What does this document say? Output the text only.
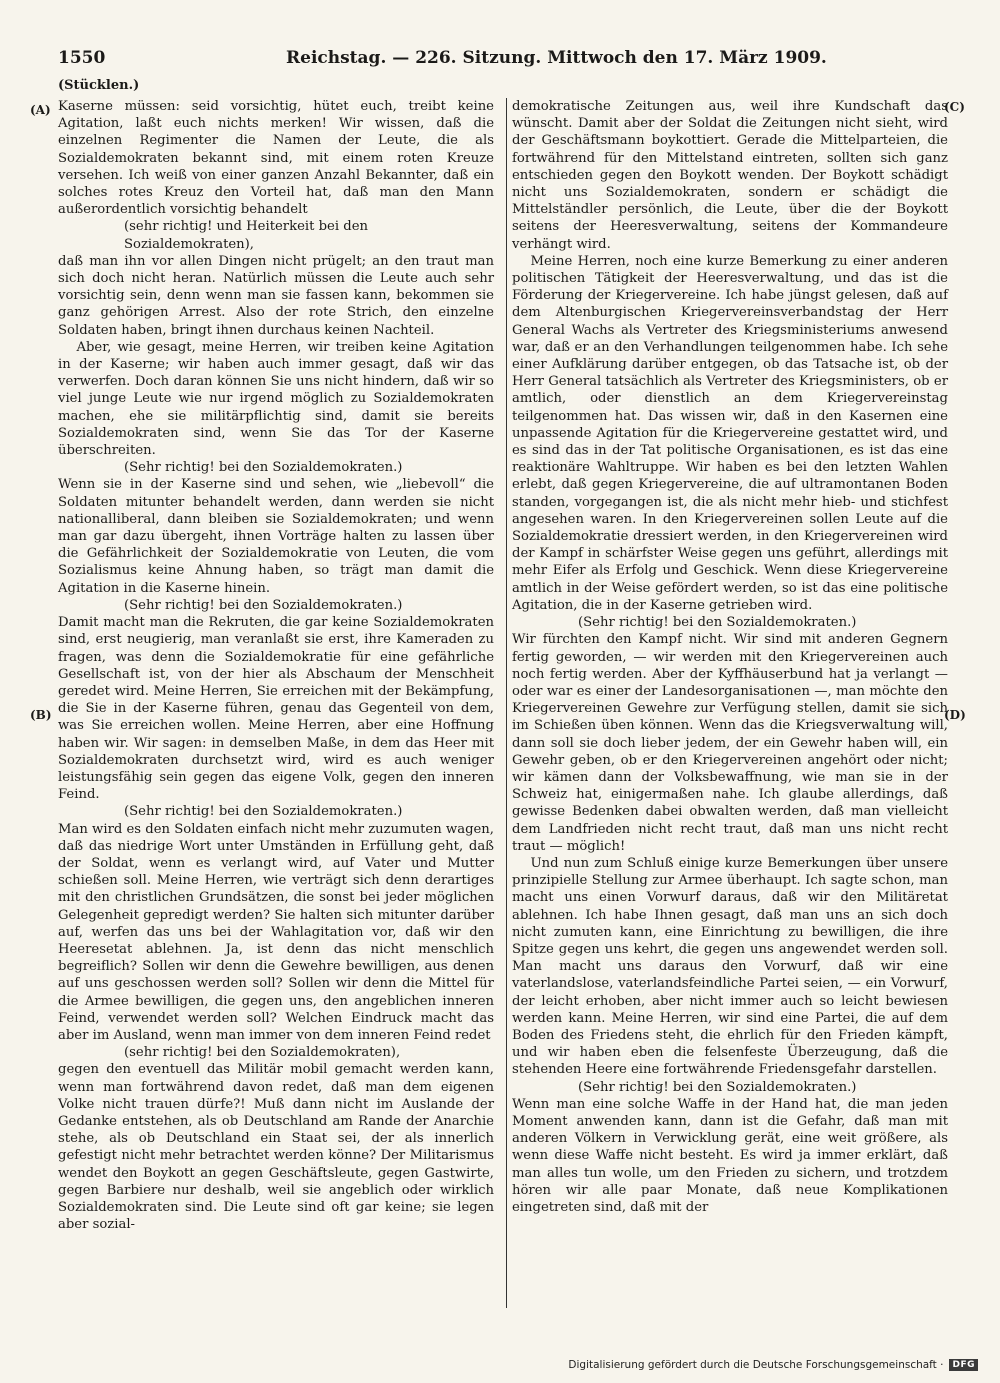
1550	Reichstag. — 226. Sitzung. Mittwoch den 17. März 1909.
(Stücklen.)
(A)
(B)
(C)
(D)

Kaserne müssen: seid vorsichtig, hütet euch, treibt keine Agitation, laßt euch nichts merken! Wir wissen, daß die einzelnen Regimenter die Namen der Leute, die als Sozialdemokraten bekannt sind, mit einem roten Kreuze versehen. Ich weiß von einer ganzen Anzahl Bekannter, daß ein solches rotes Kreuz den Vorteil hat, daß man den Mann außerordentlich vorsichtig behandelt

(sehr richtig! und Heiterkeit bei den Sozialdemokraten),

daß man ihn vor allen Dingen nicht prügelt; an den traut man sich doch nicht heran. Natürlich müssen die Leute auch sehr vorsichtig sein, denn wenn man sie fassen kann, bekommen sie ganz gehörigen Arrest. Also der rote Strich, den einzelne Soldaten haben, bringt ihnen durchaus keinen Nachteil.

Aber, wie gesagt, meine Herren, wir treiben keine Agitation in der Kaserne; wir haben auch immer gesagt, daß wir das verwerfen. Doch daran können Sie uns nicht hindern, daß wir so viel junge Leute wie nur irgend möglich zu Sozialdemokraten machen, ehe sie militärpflichtig sind, damit sie bereits Sozialdemokraten sind, wenn Sie das Tor der Kaserne überschreiten.

(Sehr richtig! bei den Sozialdemokraten.)

Wenn sie in der Kaserne sind und sehen, wie „liebevoll“ die Soldaten mitunter behandelt werden, dann werden sie nicht nationalliberal, dann bleiben sie Sozialdemokraten; und wenn man gar dazu übergeht, ihnen Vorträge halten zu lassen über die Gefährlichkeit der Sozialdemokratie von Leuten, die vom Sozialismus keine Ahnung haben, so trägt man damit die Agitation in die Kaserne hinein.

(Sehr richtig! bei den Sozialdemokraten.)

Damit macht man die Rekruten, die gar keine Sozialdemokraten sind, erst neugierig, man veranlaßt sie erst, ihre Kameraden zu fragen, was denn die Sozialdemokratie für eine gefährliche Gesellschaft ist, von der hier als Abschaum der Menschheit geredet wird. Meine Herren, Sie erreichen mit der Bekämpfung, die Sie in der Kaserne führen, genau das Gegenteil von dem, was Sie erreichen wollen. Meine Herren, aber eine Hoffnung haben wir. Wir sagen: in demselben Maße, in dem das Heer mit Sozialdemokraten durchsetzt wird, wird es auch weniger leistungsfähig sein gegen das eigene Volk, gegen den inneren Feind.

(Sehr richtig! bei den Sozialdemokraten.)

Man wird es den Soldaten einfach nicht mehr zuzumuten wagen, daß das niedrige Wort unter Umständen in Erfüllung geht, daß der Soldat, wenn es verlangt wird, auf Vater und Mutter schießen soll. Meine Herren, wie verträgt sich denn derartiges mit den christlichen Grundsätzen, die sonst bei jeder möglichen Gelegenheit gepredigt werden? Sie halten sich mitunter darüber auf, werfen das uns bei der Wahlagitation vor, daß wir den Heeresetat ablehnen. Ja, ist denn das nicht menschlich begreiflich? Sollen wir denn die Gewehre bewilligen, aus denen auf uns geschossen werden soll? Sollen wir denn die Mittel für die Armee bewilligen, die gegen uns, den angeblichen inneren Feind, verwendet werden soll? Welchen Eindruck macht das aber im Ausland, wenn man immer von dem inneren Feind redet

(sehr richtig! bei den Sozialdemokraten),

gegen den eventuell das Militär mobil gemacht werden kann, wenn man fortwährend davon redet, daß man dem eigenen Volke nicht trauen dürfe?! Muß dann nicht im Auslande der Gedanke entstehen, als ob Deutschland am Rande der Anarchie stehe, als ob Deutschland ein Staat sei, der als innerlich gefestigt nicht mehr betrachtet werden könne? Der Militarismus wendet den Boykott an gegen Geschäftsleute, gegen Gastwirte, gegen Barbiere nur deshalb, weil sie angeblich oder wirklich Sozialdemokraten sind. Die Leute sind oft gar keine; sie legen aber sozial-

demokratische Zeitungen aus, weil ihre Kundschaft das wünscht. Damit aber der Soldat die Zeitungen nicht sieht, wird der Geschäftsmann boykottiert. Gerade die Mittelparteien, die fortwährend für den Mittelstand eintreten, sollten sich ganz entschieden gegen den Boykott wenden. Der Boykott schädigt nicht uns Sozialdemokraten, sondern er schädigt die Mittelständler persönlich, die Leute, über die der Boykott seitens der Heeresverwaltung, seitens der Kommandeure verhängt wird.

Meine Herren, noch eine kurze Bemerkung zu einer anderen politischen Tätigkeit der Heeresverwaltung, und das ist die Förderung der Kriegervereine. Ich habe jüngst gelesen, daß auf dem Altenburgischen Kriegervereinsverbandstag der Herr General Wachs als Vertreter des Kriegsministeriums anwesend war, daß er an den Verhandlungen teilgenommen habe. Ich sehe einer Aufklärung darüber entgegen, ob das Tatsache ist, ob der Herr General tatsächlich als Vertreter des Kriegsministers, ob er amtlich, oder dienstlich an dem Kriegervereinstag teilgenommen hat. Das wissen wir, daß in den Kasernen eine unpassende Agitation für die Kriegervereine gestattet wird, und es sind das in der Tat politische Organisationen, es ist das eine reaktionäre Wahltruppe. Wir haben es bei den letzten Wahlen erlebt, daß gegen Kriegervereine, die auf ultramontanen Boden standen, vorgegangen ist, die als nicht mehr hieb- und stichfest angesehen waren. In den Kriegervereinen sollen Leute auf die Sozialdemokratie dressiert werden, in den Kriegervereinen wird der Kampf in schärfster Weise gegen uns geführt, allerdings mit mehr Eifer als Erfolg und Geschick. Wenn diese Kriegervereine amtlich in der Weise gefördert werden, so ist das eine politische Agitation, die in der Kaserne getrieben wird.

(Sehr richtig! bei den Sozialdemokraten.)

Wir fürchten den Kampf nicht. Wir sind mit anderen Gegnern fertig geworden, — wir werden mit den Kriegervereinen auch noch fertig werden. Aber der Kyffhäuserbund hat ja verlangt — oder war es einer der Landesorganisationen —, man möchte den Kriegervereinen Gewehre zur Verfügung stellen, damit sie sich im Schießen üben können. Wenn das die Kriegsverwaltung will, dann soll sie doch lieber jedem, der ein Gewehr haben will, ein Gewehr geben, ob er den Kriegervereinen angehört oder nicht; wir kämen dann der Volksbewaffnung, wie man sie in der Schweiz hat, einigermaßen nahe. Ich glaube allerdings, daß gewisse Bedenken dabei obwalten werden, daß man vielleicht dem Landfrieden nicht recht traut, daß man uns nicht recht traut — möglich!

Und nun zum Schluß einige kurze Bemerkungen über unsere prinzipielle Stellung zur Armee überhaupt. Ich sagte schon, man macht uns einen Vorwurf daraus, daß wir den Militäretat ablehnen. Ich habe Ihnen gesagt, daß man uns an sich doch nicht zumuten kann, eine Einrichtung zu bewilligen, die ihre Spitze gegen uns kehrt, die gegen uns angewendet werden soll. Man macht uns daraus den Vorwurf, daß wir eine vaterlandslose, vaterlandsfeindliche Partei seien, — ein Vorwurf, der leicht erhoben, aber nicht immer auch so leicht bewiesen werden kann. Meine Herren, wir sind eine Partei, die auf dem Boden des Friedens steht, die ehrlich für den Frieden kämpft, und wir haben eben die felsenfeste Überzeugung, daß die stehenden Heere eine fortwährende Friedensgefahr darstellen.

(Sehr richtig! bei den Sozialdemokraten.)

Wenn man eine solche Waffe in der Hand hat, die man jeden Moment anwenden kann, dann ist die Gefahr, daß man mit anderen Völkern in Verwicklung gerät, eine weit größere, als wenn diese Waffe nicht besteht. Es wird ja immer erklärt, daß man alles tun wolle, um den Frieden zu sichern, und trotzdem hören wir alle paar Monate, daß neue Komplikationen eingetreten sind, daß mit der

Digitalisierung gefördert durch die Deutsche Forschungsgemeinschaft ·	DFG
